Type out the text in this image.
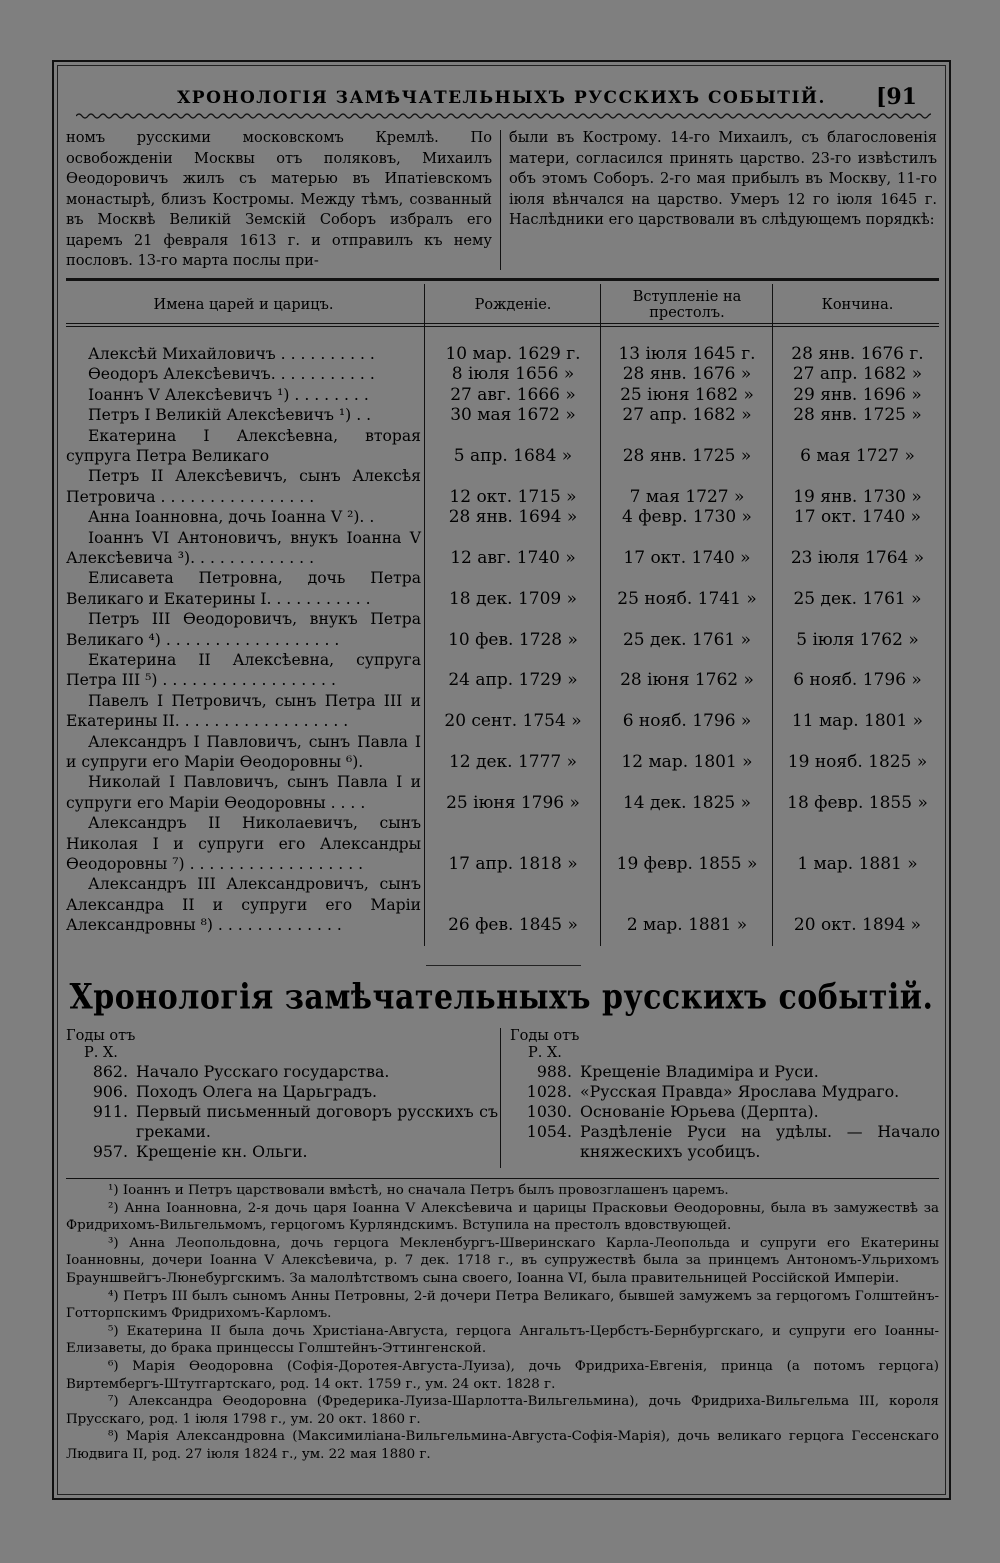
ХРОНОЛОГІЯ ЗАМѢЧАТЕЛЬНЫХЪ РУССКИХЪ СОБЫТІЙ.	[91
номъ русскими московскомъ Кремлѣ. По освобожденіи Москвы отъ поляковъ, Михаилъ Ѳеодоровичъ жилъ съ матерью въ Ипатіевскомъ монастырѣ, близъ Костромы. Между тѣмъ, созванный въ Москвѣ Великій Земскій Соборъ избралъ его царемъ 21 февраля 1613 г. и отправилъ къ нему пословъ. 13-го марта послы при-
были въ Кострому. 14-го Михаилъ, съ благословенія матери, согласился принять царство. 23-го извѣстилъ объ этомъ Соборъ. 2-го мая прибылъ въ Москву, 11-го іюля вѣнчался на царство. Умеръ 12 го іюля 1645 г. Наслѣдники его царствовали въ слѣдующемъ порядкѣ:
Имена царей и царицъ.	Рожденіе.	Вступленіе на престолъ.	Кончина.
Алексѣй Михайловичъ . . . . . . . . . .	10 мар. 1629 г.	13 іюля 1645 г.	28 янв. 1676 г.
Ѳеодоръ Алексѣевичъ. . . . . . . . . . .	8 іюля 1656 »	28 янв. 1676 »	27 апр. 1682 »
Іоаннъ V Алексѣевичъ ¹) . . . . . . . .	27 авг. 1666 »	25 іюня 1682 »	29 янв. 1696 »
Петръ I Великій Алексѣевичъ ¹) . .	30 мая 1672 »	27 апр. 1682 »	28 янв. 1725 »
Екатерина I Алексѣевна, вторая супруга Петра Великаго	5 апр. 1684 »	28 янв. 1725 »	6 мая 1727 »
Петръ II Алексѣевичъ, сынъ Алексѣя Петровича . . . . . . . . . . . . . . . .	12 окт. 1715 »	7 мая 1727 »	19 янв. 1730 »
Анна Іоанновна, дочь Іоанна V ²). .	28 янв. 1694 »	4 февр. 1730 »	17 окт. 1740 »
Іоаннъ VI Антоновичъ, внукъ Іоанна V Алексѣевича ³). . . . . . . . . . . . .	12 авг. 1740 »	17 окт. 1740 »	23 іюля 1764 »
Елисавета Петровна, дочь Петра Великаго и Екатерины I. . . . . . . . . . .	18 дек. 1709 »	25 нояб. 1741 »	25 дек. 1761 »
Петръ III Ѳеодоровичъ, внукъ Петра Великаго ⁴) . . . . . . . . . . . . . . . . . .	10 фев. 1728 »	25 дек. 1761 »	5 іюля 1762 »
Екатерина II Алексѣевна, супруга Петра III ⁵) . . . . . . . . . . . . . . . . . .	24 апр. 1729 »	28 іюня 1762 »	6 нояб. 1796 »
Павелъ I Петровичъ, сынъ Петра III и Екатерины II. . . . . . . . . . . . . . . . . .	20 сент. 1754 »	6 нояб. 1796 »	11 мар. 1801 »
Александръ I Павловичъ, сынъ Павла I и супруги его Маріи Ѳеодоровны ⁶).	12 дек. 1777 »	12 мар. 1801 »	19 нояб. 1825 »
Николай I Павловичъ, сынъ Павла I и супруги его Маріи Ѳеодоровны . . . .	25 іюня 1796 »	14 дек. 1825 »	18 февр. 1855 »
Александръ II Николаевичъ, сынъ Николая I и супруги его Александры Ѳеодоровны ⁷) . . . . . . . . . . . . . . . . . .	17 апр. 1818 »	19 февр. 1855 »	1 мар. 1881 »
Александръ III Александровичъ, сынъ Александра II и супруги его Маріи Александровны ⁸) . . . . . . . . . . . . .	26 фев. 1845 »	2 мар. 1881 »	20 окт. 1894 »
Хронологія замѣчательныхъ русскихъ событій.
Годы отъ
Р. Х.
862. Начало Русскаго государства.
906. Походъ Олега на Царьградъ.
911. Первый письменный договоръ русскихъ съ греками.
957. Крещеніе кн. Ольги.
Годы отъ
Р. Х.
988. Крещеніе Владиміра и Руси.
1028. «Русская Правда» Ярослава Мудраго.
1030. Основаніе Юрьева (Дерпта).
1054. Раздѣленіе Руси на удѣлы. — Начало княжескихъ усобицъ.
¹) Іоаннъ и Петръ царствовали вмѣстѣ, но сначала Петръ былъ провозглашенъ царемъ.
²) Анна Іоанновна, 2-я дочь царя Іоанна V Алексѣевича и царицы Прасковьи Ѳеодоровны, была въ замужествѣ за Фридрихомъ-Вильгельмомъ, герцогомъ Курляндскимъ. Вступила на престолъ вдовствующей.
³) Анна Леопольдовна, дочь герцога Мекленбургъ-Шверинскаго Карла-Леопольда и супруги его Екатерины Іоанновны, дочери Іоанна V Алексѣевича, р. 7 дек. 1718 г., въ супружествѣ была за принцемъ Антономъ-Ульрихомъ Брауншвейгъ-Люнебургскимъ. За малолѣтствомъ сына своего, Іоанна VI, была правительницей Россійской Имперіи.
⁴) Петръ III былъ сыномъ Анны Петровны, 2-й дочери Петра Великаго, бывшей замужемъ за герцогомъ Голштейнъ-Готторпскимъ Фридрихомъ-Карломъ.
⁵) Екатерина II была дочь Христіана-Августа, герцога Ангальтъ-Цербстъ-Бернбургскаго, и супруги его Іоанны-Елизаветы, до брака принцессы Голштейнъ-Эттингенской.
⁶) Марія Ѳеодоровна (Софія-Доротея-Августа-Луиза), дочь Фридриха-Евгенія, принца (а потомъ герцога) Виртембергъ-Штутгартскаго, род. 14 окт. 1759 г., ум. 24 окт. 1828 г.
⁷) Александра Ѳеодоровна (Фредерика-Луиза-Шарлотта-Вильгельмина), дочь Фридриха-Вильгельма III, короля Прусскаго, род. 1 іюля 1798 г., ум. 20 окт. 1860 г.
⁸) Марія Александровна (Максимиліана-Вильгельмина-Августа-Софія-Марія), дочь великаго герцога Гессенскаго Людвига II, род. 27 іюля 1824 г., ум. 22 мая 1880 г.
